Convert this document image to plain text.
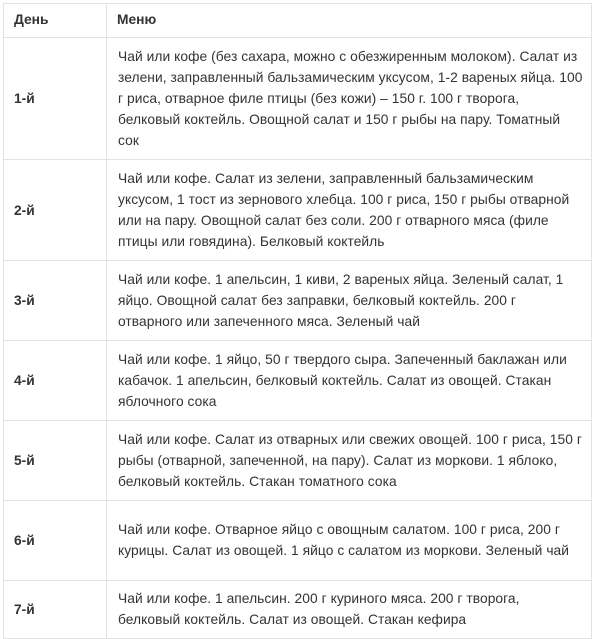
День	Меню
1-й	Чай или кофе (без сахара, можно с обезжиренным молоком). Салат из зелени, заправленный бальзамическим уксусом, 1-2 вареных яйца. 100 г риса, отварное филе птицы (без кожи) – 150 г. 100 г творога, белковый коктейль. Овощной салат и 150 г рыбы на пару. Томатный сок
2-й	Чай или кофе. Салат из зелени, заправленный бальзамическим уксусом, 1 тост из зернового хлебца. 100 г риса, 150 г рыбы отварной или на пару. Овощной салат без соли. 200 г отварного мяса (филе птицы или говядина). Белковый коктейль
3-й	Чай или кофе. 1 апельсин, 1 киви, 2 вареных яйца. Зеленый салат, 1 яйцо. Овощной салат без заправки, белковый коктейль. 200 г отварного или запеченного мяса. Зеленый чай
4-й	Чай или кофе. 1 яйцо, 50 г твердого сыра. Запеченный баклажан или кабачок. 1 апельсин, белковый коктейль. Салат из овощей. Стакан яблочного сока
5-й	Чай или кофе. Салат из отварных или свежих овощей. 100 г риса, 150 г рыбы (отварной, запеченной, на пару). Салат из моркови. 1 яблоко, белковый коктейль. Стакан томатного сока
6-й	Чай или кофе. Отварное яйцо с овощным салатом. 100 г риса, 200 г курицы. Салат из овощей. 1 яйцо с салатом из моркови. Зеленый чай
7-й	Чай или кофе. 1 апельсин. 200 г куриного мяса. 200 г творога, белковый коктейль. Салат из овощей. Стакан кефира
